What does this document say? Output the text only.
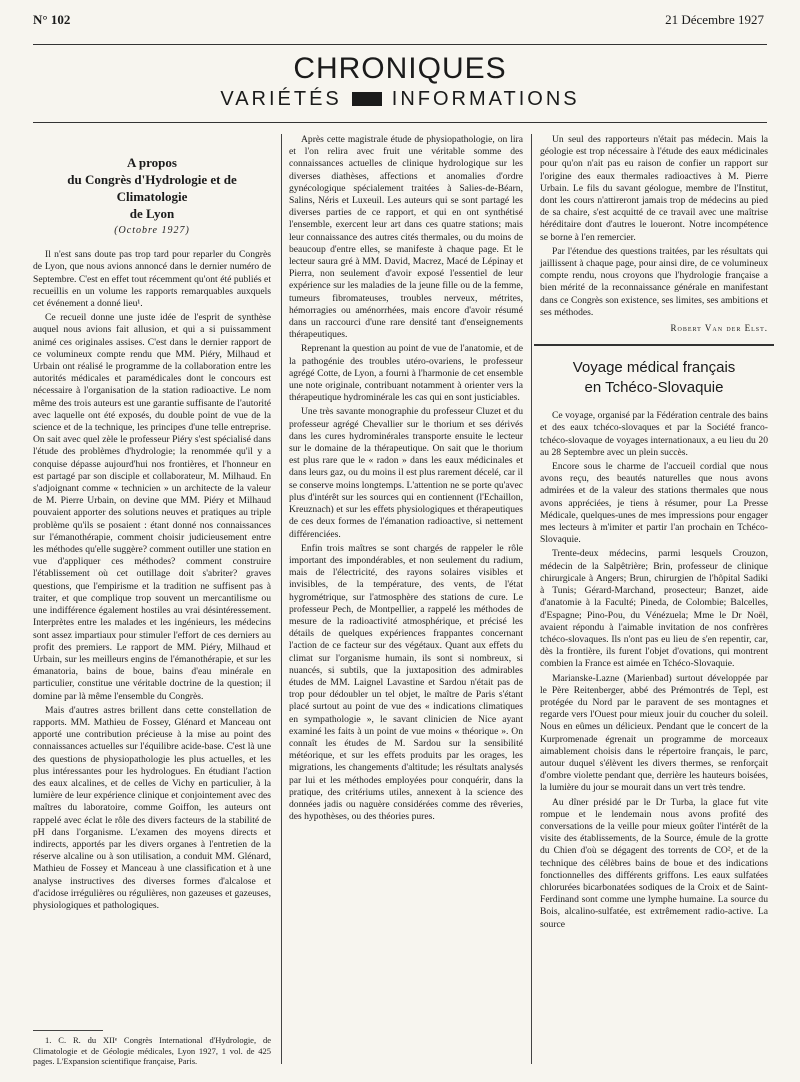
N° 102	21 Décembre 1927
CHRONIQUES
VARIÉTÉS	INFORMATIONS
A propos
du Congrès d'Hydrologie et de Climatologie
de Lyon
(Octobre 1927)

Il n'est sans doute pas trop tard pour reparler du Congrès de Lyon, que nous avions annoncé dans le dernier numéro de Septembre. C'est en effet tout récemment qu'ont été publiés et recueillis en un volume les rapports remarquables auxquels cet événement a donné lieu¹.

Ce recueil donne une juste idée de l'esprit de synthèse auquel nous avions fait allusion, et qui a si puissamment animé ces originales assises. C'est dans le dernier rapport de ce volumineux compte rendu que MM. Piéry, Milhaud et Urbain ont réalisé le programme de la collaboration entre les autorités médicales et paramédicales dont le concours est nécessaire à l'organisation de la station radioactive. Le nom même des trois auteurs est une garantie suffisante de l'autorité avec laquelle ont été exposés, du double point de vue de la science et de la technique, les principes d'une telle entreprise. On sait avec quel zèle le professeur Piéry s'est spécialisé dans l'étude des problèmes d'hydrologie; la renommée qu'il y a conquise dépasse aujourd'hui nos frontières, et l'honneur en est partagé par son disciple et collaborateur, M. Milhaud. En s'adjoignant comme « technicien » un architecte de la valeur de M. Pierre Urbain, on devine que MM. Piéry et Milhaud pouvaient apporter des solutions neuves et pratiques au triple problème qu'ils se posaient : étant donné nos connaissances sur l'émanothérapie, comment choisir judicieusement entre les méthodes qu'elle suggère? comment outiller une station en vue d'appliquer ces méthodes? comment construire l'établissement où cet outillage doit s'abriter? graves questions, que l'empirisme et la tradition ne suffisent pas à traiter, et que complique trop souvent un mercantilisme ou une indifférence également hostiles au vrai désintéressement. Interprètes entre les malades et les ingénieurs, les médecins sont assez impartiaux pour stimuler l'effort de ces derniers au profit des premiers. Le rapport de MM. Piéry, Milhaud et Urbain, sur les meilleurs engins de l'émanothérapie, et sur les émanatoria, bains de boue, bains d'eau minérale en particulier, constitue une véritable doctrine de la question; il domine par là même l'ensemble du Congrès.

Mais d'autres astres brillent dans cette constellation de rapports. MM. Mathieu de Fossey, Glénard et Manceau ont apporté une contribution précieuse à la mise au point des connaissances actuelles sur l'équilibre acide-base. C'est là une des questions de physiopathologie les plus actuelles, et les plus intéressantes pour les hydrologues. En étudiant l'action des eaux alcalines, et de celles de Vichy en particulier, à la lumière de leur expérience clinique et conjointement avec des maîtres du laboratoire, comme Goiffon, les auteurs ont rappelé avec éclat le rôle des divers facteurs de la stabilité de pH dans l'organisme. L'examen des moyens directs et indirects, apportés par les divers organes à l'entretien de la réserve alcaline ou à son utilisation, a conduit MM. Glénard, Mathieu de Fossey et Manceau à une classification et à une analyse instructives des diverses formes d'alcalose et d'acidose irrégulières ou régulières, non gazeuses et gazeuses, physiologiques et pathologiques.

Après cette magistrale étude de physiopathologie, on lira et l'on relira avec fruit une véritable somme des connaissances actuelles de clinique hydrologique sur les diverses diathèses, affections et anomalies d'ordre gynécologique spécialement traitées à Salies-de-Béarn, Salins, Néris et Luxeuil. Les auteurs qui se sont partagé les diverses parties de ce rapport, et qui en ont synthétisé l'ensemble, exercent leur art dans ces quatre stations; mais leur connaissance des autres cités thermales, ou du moins de beaucoup d'entre elles, se manifeste à chaque page. Et le lecteur saura gré à MM. David, Macrez, Macé de Lépinay et Pierra, non seulement d'avoir exposé l'essentiel de leur expérience sur les maladies de la jeune fille ou de la femme, tumeurs fibromateuses, troubles nerveux, métrites, hémorragies ou aménorrhées, mais encore d'avoir résumé dans un raccourci d'une rare densité tant d'enseignements thérapeutiques.

Reprenant la question au point de vue de l'anatomie, et de la pathogénie des troubles utéro-ovariens, le professeur agrégé Cotte, de Lyon, a fourni à l'harmonie de cet ensemble une note originale, contribuant notamment à orienter vers la thérapeutique hydrominérale les cas qui en sont justiciables.

Une très savante monographie du professeur Cluzet et du professeur agrégé Chevallier sur le thorium et ses dérivés dans les cures hydrominérales transporte ensuite le lecteur sur le domaine de la thérapeutique. On sait que le thorium est plus rare que le « radon » dans les eaux médicinales et dans leurs gaz, ou du moins il est plus rarement décelé, car il se conserve moins longtemps. L'attention ne se porte qu'avec plus d'intérêt sur les sources qui en contiennent (l'Echaillon, Kreuznach) et sur les effets physiologiques et thérapeutiques de ces deux formes de l'émanation radioactive, si nettement différenciées.

Enfin trois maîtres se sont chargés de rappeler le rôle important des impondérables, et non seulement du radium, mais de l'électricité, des rayons solaires visibles et invisibles, de la température, des vents, de l'état hygrométrique, sur l'atmosphère des stations de cure. Le professeur Pech, de Montpellier, a rappelé les méthodes de mesure de la radioactivité atmosphérique, et précisé les détails de quelques expériences frappantes concernant l'action de ce facteur sur des végétaux. Quant aux effets du climat sur l'organisme humain, ils sont si nombreux, si nuancés, si subtils, que la juxtaposition des admirables études de MM. Laignel Lavastine et Sardou n'était pas de trop pour dédoubler un tel objet, le maître de Paris s'étant placé surtout au point de vue des « indications climatiques en sympathologie », le savant clinicien de Nice ayant examiné les faits à un point de vue moins « théorique ». On connaît les études de M. Sardou sur la sensibilité météorique, et sur les effets produits par les orages, les migrations, les changements d'altitude; les résultats analysés par lui et les méthodes employées pour conquérir, dans la pratique, des critériums utiles, annexent à la science des données jadis ou naguère considérées comme des rêveries, des hypothèses, ou des théories pures.

Un seul des rapporteurs n'était pas médecin. Mais la géologie est trop nécessaire à l'étude des eaux médicinales pour qu'on n'ait pas eu raison de confier un rapport sur l'origine des eaux thermales radioactives à M. Pierre Urbain. Le fils du savant géologue, membre de l'Institut, dont les cours n'attireront jamais trop de médecins au pied de sa chaire, s'est acquitté de ce travail avec une maîtrise héréditaire dont d'autres le loueront. Notre incompétence se borne à l'en remercier.

Par l'étendue des questions traitées, par les résultats qui jaillissent à chaque page, pour ainsi dire, de ce volumineux compte rendu, nous croyons que l'hydrologie française a bien mérité de la reconnaissance générale en manifestant dans ce Congrès son existence, ses limites, ses ambitions et ses méthodes.

Robert Van der Elst.
Voyage médical français
en Tchéco-Slovaquie

Ce voyage, organisé par la Fédération centrale des bains et des eaux tchéco-slovaques et par la Société franco-tchéco-slovaque de voyages internationaux, a eu lieu du 20 au 28 Septembre avec un plein succès.

Encore sous le charme de l'accueil cordial que nous avons reçu, des beautés naturelles que nous avons admirées et de la valeur des stations thermales que nous avons appréciées, je tiens à résumer, pour La Presse Médicale, quelques-unes de mes impressions pour engager mes lecteurs à m'imiter et partir l'an prochain en Tchéco-Slovaquie.

Trente-deux médecins, parmi lesquels Crouzon, médecin de la Salpêtrière; Brin, professeur de clinique chirurgicale à Angers; Brun, chirurgien de l'hôpital Sadiki à Tunis; Gérard-Marchand, prosecteur; Banzet, aide d'anatomie à la Faculté; Pineda, de Colombie; Balcelles, d'Espagne; Pino-Pou, du Vénézuela; Mme le Dr Noël, avaient répondu à l'aimable invitation de nos confrères tchéco-slovaques. Ils n'ont pas eu lieu de s'en repentir, car, dès la frontière, ils furent l'objet d'ovations, qui montrent combien la France est aimée en Tchéco-Slovaquie.

Marianske-Lazne (Marienbad) surtout développée par le Père Reitenberger, abbé des Prémontrés de Tepl, est protégée du Nord par le paravent de ses montagnes et regarde vers l'Ouest pour mieux jouir du coucher du soleil. Nous en eûmes un délicieux. Pendant que le concert de la Kurpromenade égrenait un programme de morceaux aimablement choisis dans le répertoire français, le parc, autour duquel s'élèvent les divers thermes, se renforçait d'ombre violette pendant que, derrière les hauteurs boisées, la lumière du jour se mourait dans un vert très tendre.

Au dîner présidé par le Dr Turba, la glace fut vite rompue et le lendemain nous avons profité des conversations de la veille pour mieux goûter l'intérêt de la visite des établissements, de la Source, émule de la grotte du Chien d'où se dégagent des torrents de CO², et de la technique des célèbres bains de boue et des indications fonctionnelles des différents griffons. Les eaux sulfatées chlorurées bicarbonatées sodiques de la Croix et de Saint-Ferdinand sont comme une lymphe humaine. La source du Bois, alcalino-sulfatée, est extrêmement radio-active. La source

1. C. R. du XIIᵉ Congrès International d'Hydrologie, de Climatologie et de Géologie médicales, Lyon 1927, 1 vol. de 425 pages. L'Expansion scientifique française, Paris.
